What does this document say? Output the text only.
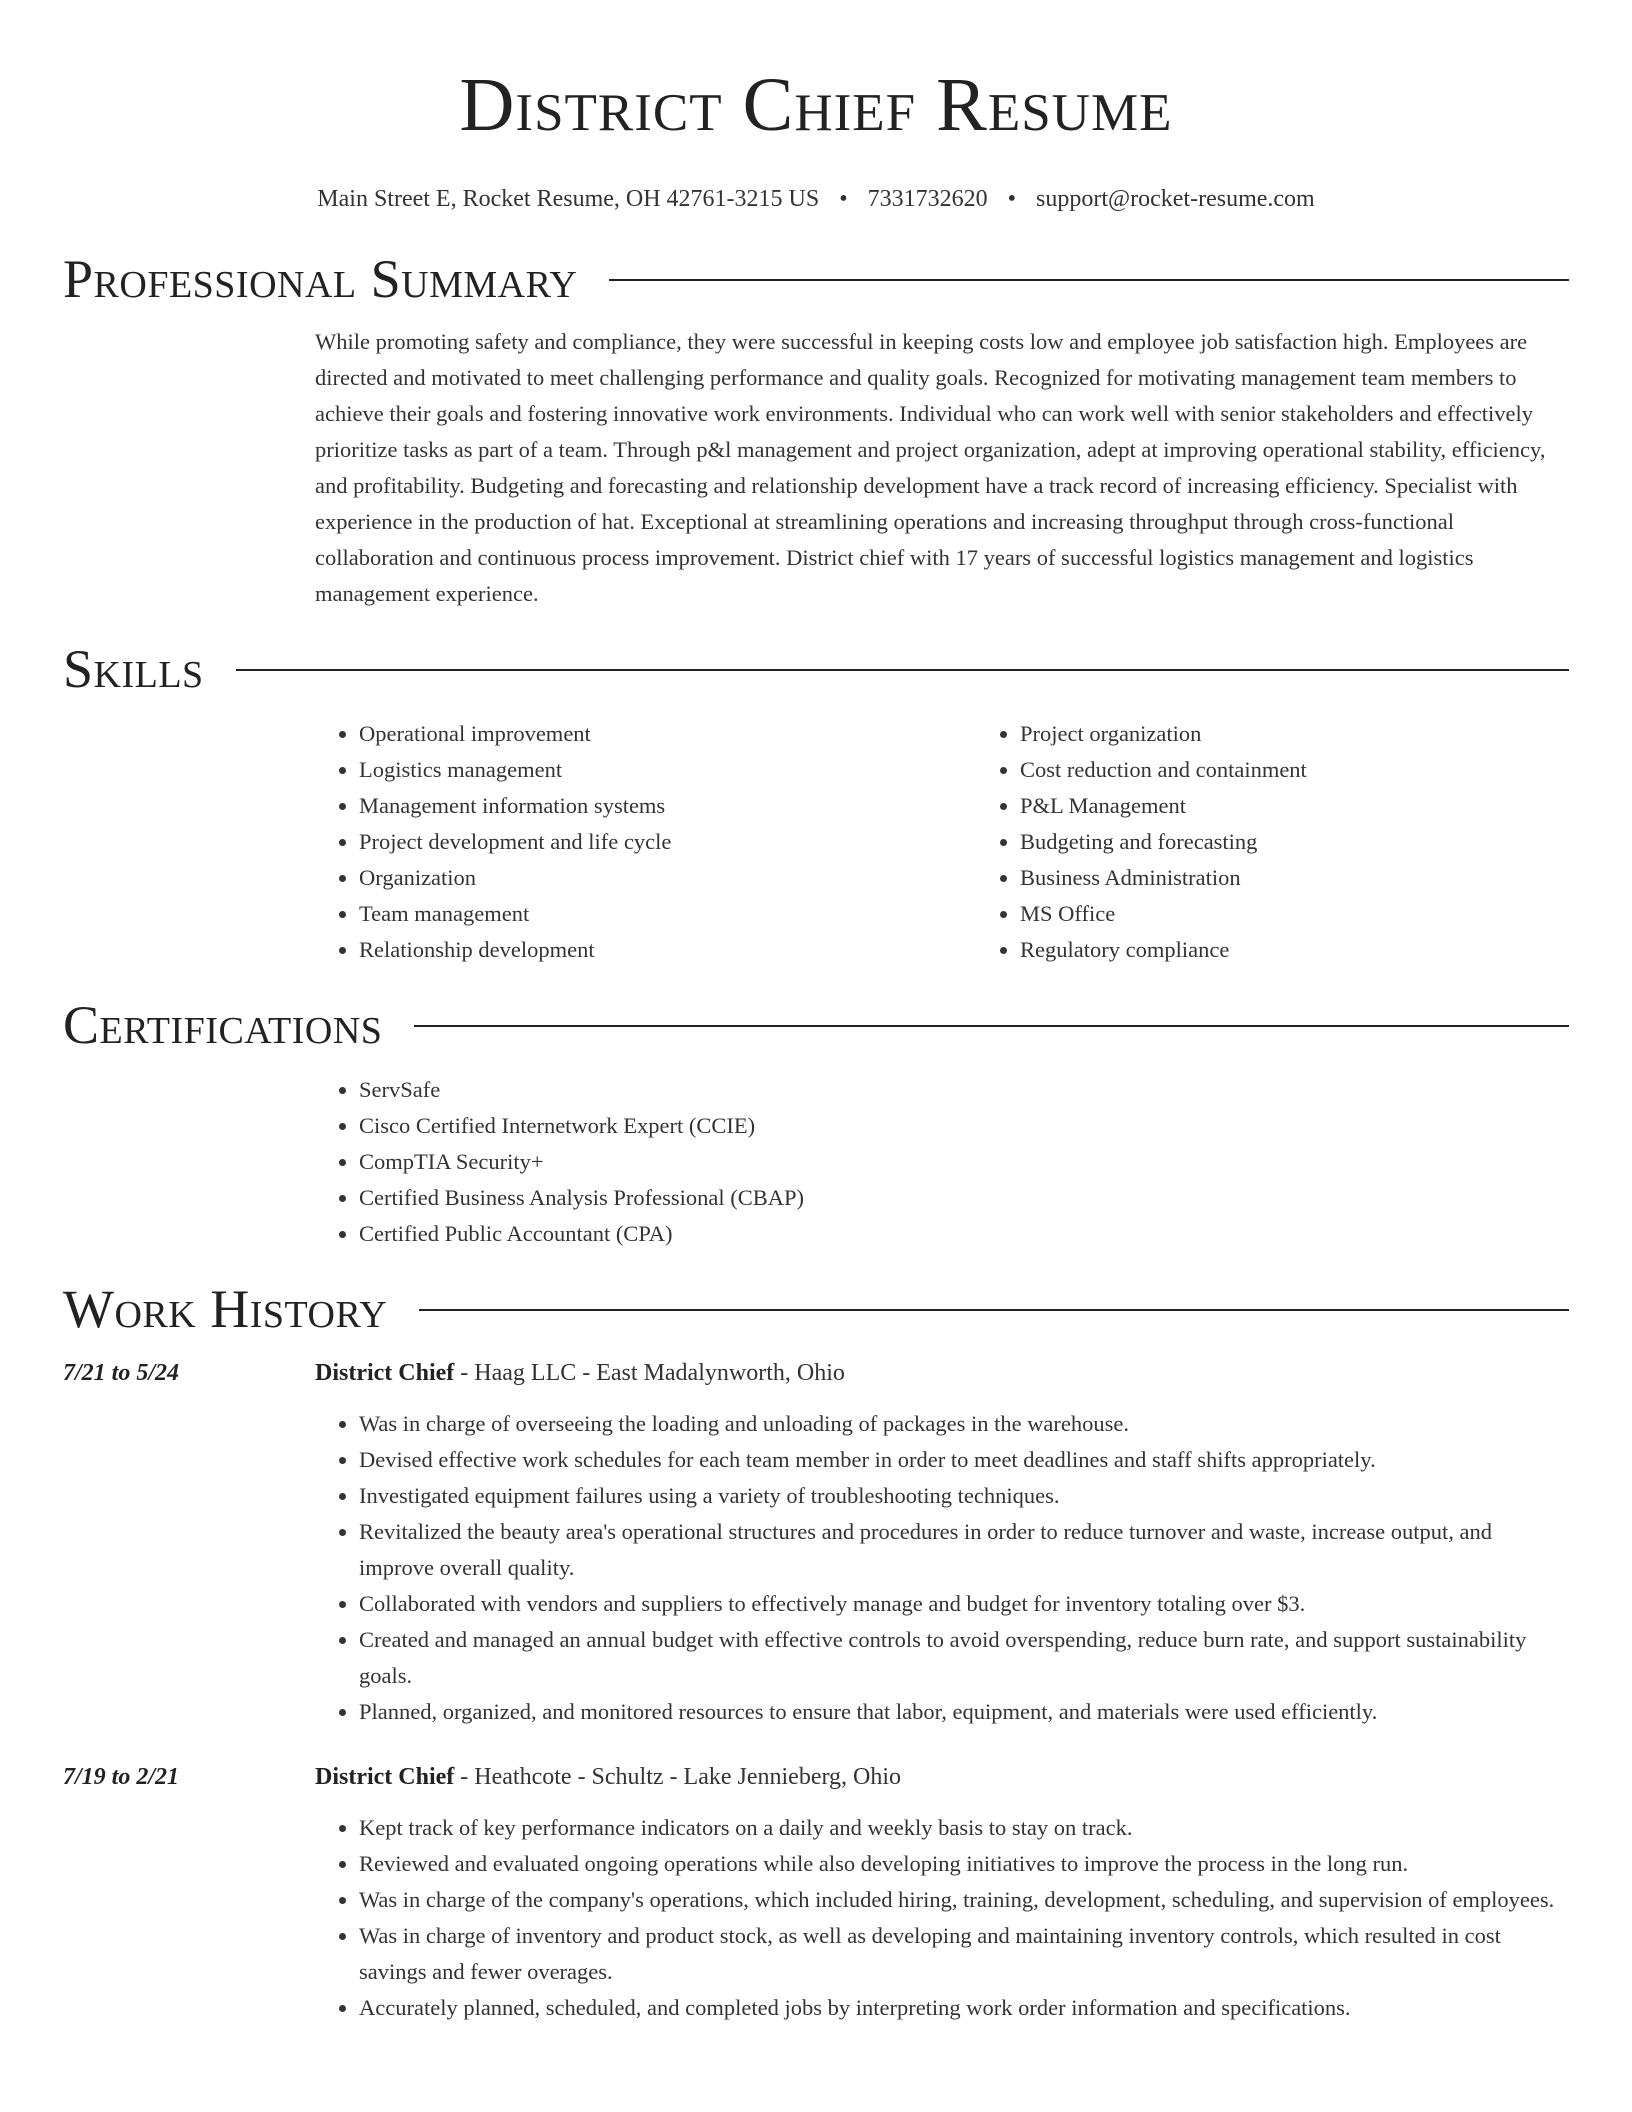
District Chief Resume
Main Street E, Rocket Resume, OH 42761-3215 US • 7331732620 • support@rocket-resume.com
Professional Summary

While promoting safety and compliance, they were successful in keeping costs low and employee job satisfaction high. Employees are directed and motivated to meet challenging performance and quality goals. Recognized for motivating management team members to achieve their goals and fostering innovative work environments. Individual who can work well with senior stakeholders and effectively prioritize tasks as part of a team. Through p&l management and project organization, adept at improving operational stability, efficiency, and profitability. Budgeting and forecasting and relationship development have a track record of increasing efficiency. Specialist with experience in the production of hat. Exceptional at streamlining operations and increasing throughput through cross-functional collaboration and continuous process improvement. District chief with 17 years of successful logistics management and logistics management experience.

Skills
• Operational improvement
• Logistics management
• Management information systems
• Project development and life cycle
• Organization
• Team management
• Relationship development
• Project organization
• Cost reduction and containment
• P&L Management
• Budgeting and forecasting
• Business Administration
• MS Office
• Regulatory compliance
Certifications
• ServSafe
• Cisco Certified Internetwork Expert (CCIE)
• CompTIA Security+
• Certified Business Analysis Professional (CBAP)
• Certified Public Accountant (CPA)
Work History
7/21 to 5/24	District Chief - Haag LLC - East Madalynworth, Ohio
• Was in charge of overseeing the loading and unloading of packages in the warehouse.
• Devised effective work schedules for each team member in order to meet deadlines and staff shifts appropriately.
• Investigated equipment failures using a variety of troubleshooting techniques.
• Revitalized the beauty area's operational structures and procedures in order to reduce turnover and waste, increase output, and improve overall quality.
• Collaborated with vendors and suppliers to effectively manage and budget for inventory totaling over $3.
• Created and managed an annual budget with effective controls to avoid overspending, reduce burn rate, and support sustainability goals.
• Planned, organized, and monitored resources to ensure that labor, equipment, and materials were used efficiently.
7/19 to 2/21	District Chief - Heathcote - Schultz - Lake Jennieberg, Ohio
• Kept track of key performance indicators on a daily and weekly basis to stay on track.
• Reviewed and evaluated ongoing operations while also developing initiatives to improve the process in the long run.
• Was in charge of the company's operations, which included hiring, training, development, scheduling, and supervision of employees.
• Was in charge of inventory and product stock, as well as developing and maintaining inventory controls, which resulted in cost savings and fewer overages.
• Accurately planned, scheduled, and completed jobs by interpreting work order information and specifications.
